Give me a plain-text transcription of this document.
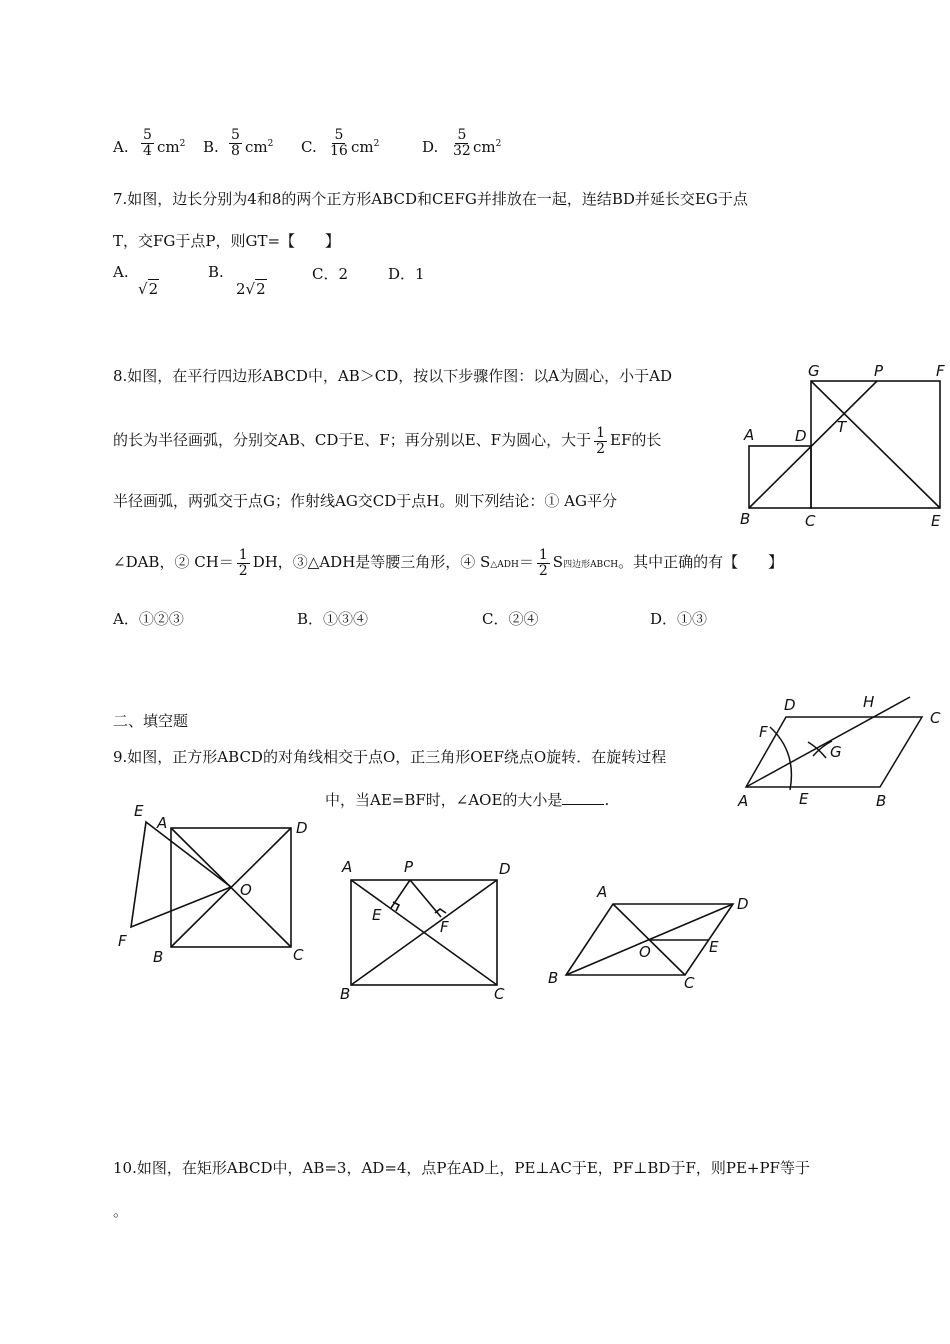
A. $\frac{5}{4} cm^2$ B. $\frac{5}{8} cm^2$ C. $\frac{5}{16} cm^2$	D. $\frac{5}{32} cm^2$
7.如图，边长分别为4和8的两个正方形ABCD和CEFG并排放在一起，连结BD并延长交EG于点
T，交FG于点P，则GT=【　　】
A.
√2
B.
2√2
C．2	D．1
8.如图，在平行四边形ABCD中，AB＞CD，按以下步骤作图：以A为圆心，小于AD
的长为半径画弧，分别交AB、CD于E、F；再分别以E、F为圆心，大于 $\frac{1}{2}$ EF的长
半径画弧，两弧交于点G；作射线AG交CD于点H。则下列结论：① AG平分
∠DAB，② $CH= \frac{1}{2}$ DH，③△ADH是等腰三角形，④ S△ADH＝ $\frac{1}{2}$ S四边形ABCH。其中正确的有【　　】
A．①②③	B．①③④	C．②④	D．①③
二、填空题
9.如图，正方形ABCD的对角线相交于点O，正三角形OEF绕点O旋转．在旋转过程
中，当AE=BF时，∠AOE的大小是	.
10.如图，在矩形ABCD中，AB=3，AD=4，点P在AD上，PE⊥AC于E，PF⊥BD于F，则PE+PF等于
。
G	P	F
A	D T
B	C	E
D	H
C
F
G
A	E	B
E
A	D
O
F
B	C
A	P	D
E
F
B	C
A
D
O	E
B	C
